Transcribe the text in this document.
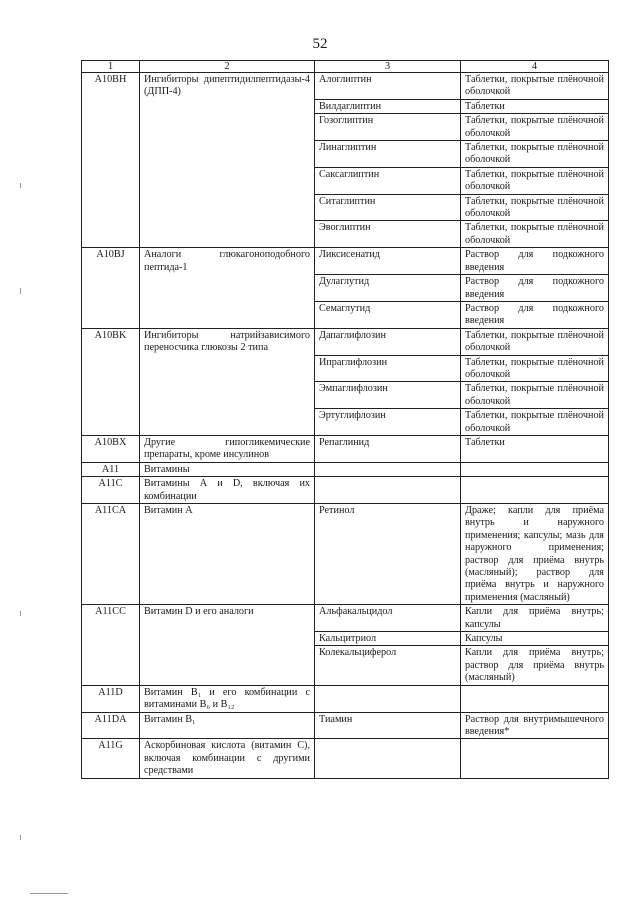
52
1	2	3	4
A10BH	Ингибиторы дипептидилпептидазы-4 (ДПП-4)	Алоглиптин	Таблетки, покрытые плёночной оболочкой
		Вилдаглиптин	Таблетки
		Гозоглиптин	Таблетки, покрытые плёночной оболочкой
		Линаглиптин	Таблетки, покрытые плёночной оболочкой
		Саксаглиптин	Таблетки, покрытые плёночной оболочкой
		Ситаглиптин	Таблетки, покрытые плёночной оболочкой
		Эвоглиптин	Таблетки, покрытые плёночной оболочкой
A10BJ	Аналоги глюкагоноподобного пептида-1	Ликсисенатид	Раствор для подкожного введения
		Дулаглутид	Раствор для подкожного введения
		Семаглутид	Раствор для подкожного введения
A10BK	Ингибиторы натрийзависимого переносчика глюкозы 2 типа	Дапаглифлозин	Таблетки, покрытые плёночной оболочкой
		Ипраглифлозин	Таблетки, покрытые плёночной оболочкой
		Эмпаглифлозин	Таблетки, покрытые плёночной оболочкой
		Эртуглифлозин	Таблетки, покрытые плёночной оболочкой
A10BX	Другие гипогликемические препараты, кроме инсулинов	Репаглинид	Таблетки
A11	Витамины		
A11C	Витамины А и D, включая их комбинации		
A11CA	Витамин А	Ретинол	Драже; капли для приёма внутрь и наружного применения; капсулы; мазь для наружного применения; раствор для приёма внутрь (масляный); раствор для приёма внутрь и наружного применения (масляный)
A11CC	Витамин D и его аналоги	Альфакальцидол	Капли для приёма внутрь; капсулы
		Кальцитриол	Капсулы
		Колекальциферол	Капли для приёма внутрь; раствор для приёма внутрь (масляный)
A11D	Витамин B₁ и его комбинации с витаминами B₆ и B₁₂		
A11DA	Витамин B₁	Тиамин	Раствор для внутримышечного введения*
A11G	Аскорбиновая кислота (витамин С), включая комбинации с другими средствами		
